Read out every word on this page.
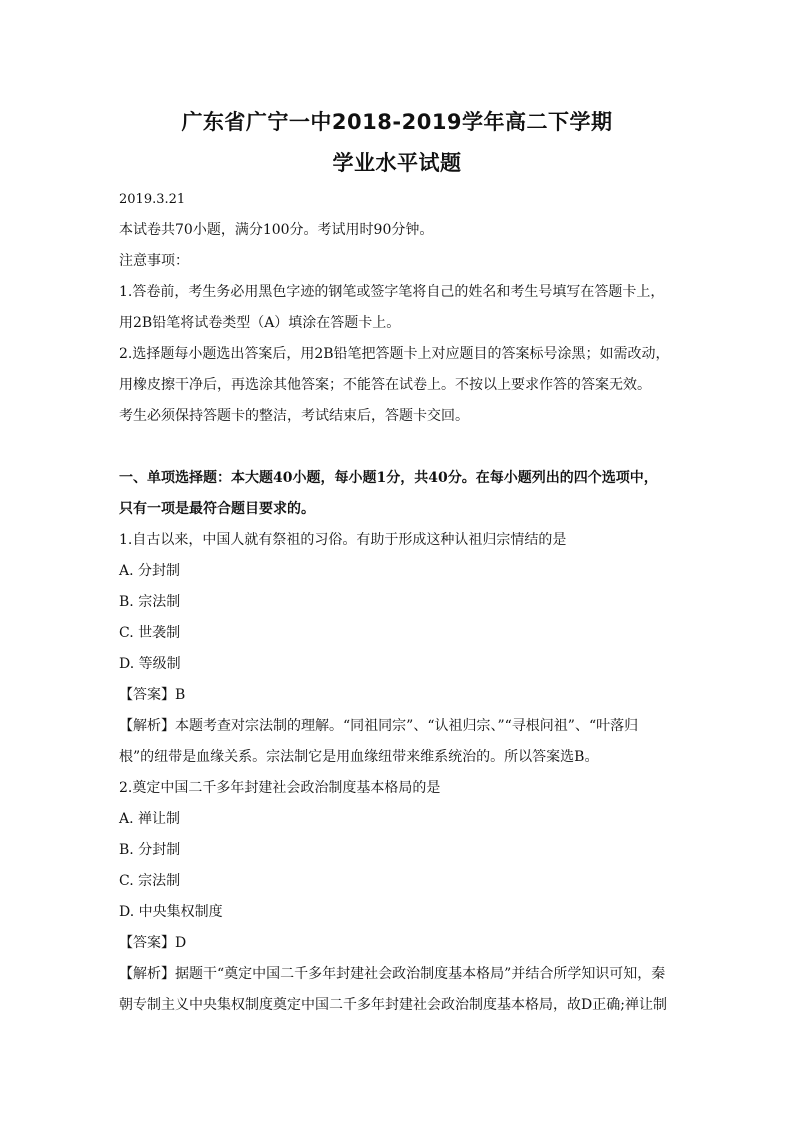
广东省广宁一中2018-2019学年高二下学期
学业水平试题
2019.3.21
本试卷共70小题，满分100分。考试用时90分钟。
注意事项：
1.答卷前，考生务必用黑色字迹的钢笔或签字笔将自己的姓名和考生号填写在答题卡上，
用2B铅笔将试卷类型（A）填涂在答题卡上。
2.选择题每小题选出答案后，用2B铅笔把答题卡上对应题目的答案标号涂黑；如需改动，
用橡皮擦干净后，再选涂其他答案；不能答在试卷上。不按以上要求作答的答案无效。
考生必须保持答题卡的整洁，考试结束后，答题卡交回。
一、单项选择题：本大题40小题，每小题1分，共40分。在每小题列出的四个选项中，
只有一项是最符合题目要求的。
1.自古以来，中国人就有祭祖的习俗。有助于形成这种认祖归宗情结的是
A. 分封制
B. 宗法制
C. 世袭制
D. 等级制
【答案】B
【解析】本题考查对宗法制的理解。“同祖同宗”、“认祖归宗、”“寻根问祖”、“叶落归
根”的纽带是血缘关系。宗法制它是用血缘纽带来维系统治的。所以答案选B。
2.奠定中国二千多年封建社会政治制度基本格局的是
A. 禅让制
B. 分封制
C. 宗法制
D. 中央集权制度
【答案】D
【解析】据题干“奠定中国二千多年封建社会政治制度基本格局”并结合所学知识可知，秦
朝专制主义中央集权制度奠定中国二千多年封建社会政治制度基本格局，故D正确;禅让制
